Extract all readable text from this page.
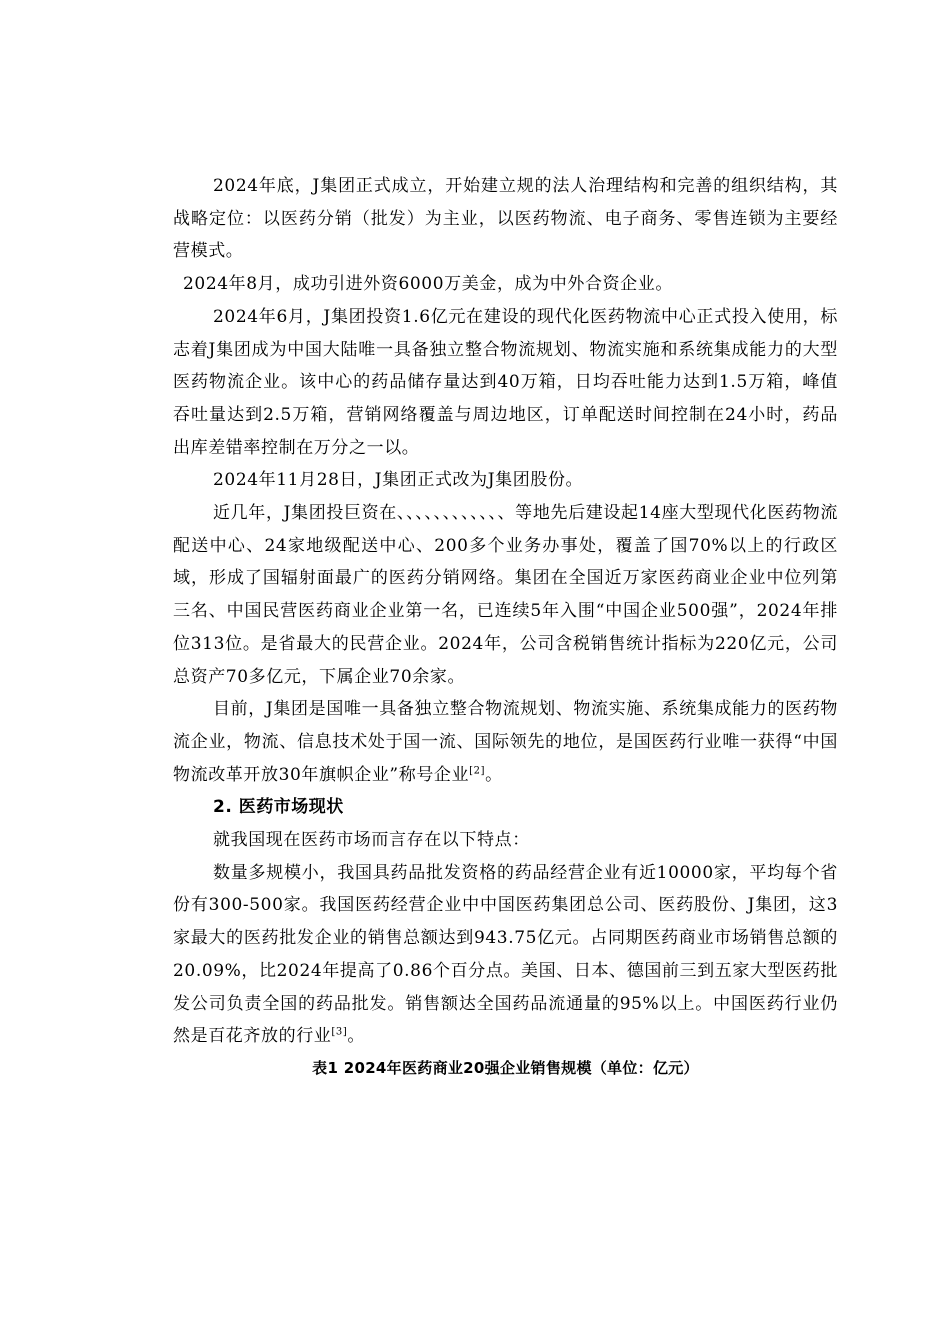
2024年底，J集团正式成立，开始建立规的法人治理结构和完善的组织结构，其战略定位：以医药分销（批发）为主业，以医药物流、电子商务、零售连锁为主要经营模式。

2024年8月，成功引进外资6000万美金，成为中外合资企业。

2024年6月，J集团投资1.6亿元在建设的现代化医药物流中心正式投入使用，标志着J集团成为中国大陆唯一具备独立整合物流规划、物流实施和系统集成能力的大型医药物流企业。该中心的药品储存量达到40万箱，日均吞吐能力达到1.5万箱，峰值吞吐量达到2.5万箱，营销网络覆盖与周边地区，订单配送时间控制在24小时，药品出库差错率控制在万分之一以。

2024年11月28日，J集团正式改为J集团股份。

近几年，J集团投巨资在、、、、、、、、、、、、等地先后建设起14座大型现代化医药物流配送中心、24家地级配送中心、200多个业务办事处，覆盖了国70%以上的行政区域，形成了国辐射面最广的医药分销网络。集团在全国近万家医药商业企业中位列第三名、中国民营医药商业企业第一名，已连续5年入围“中国企业500强”，2024年排位313位。是省最大的民营企业。2024年，公司含税销售统计指标为220亿元，公司总资产70多亿元，下属企业70余家。

目前，J集团是国唯一具备独立整合物流规划、物流实施、系统集成能力的医药物流企业，物流、信息技术处于国一流、国际领先的地位，是国医药行业唯一获得“中国物流改革开放30年旗帜企业”称号企业[2]。

2. 医药市场现状

就我国现在医药市场而言存在以下特点：

数量多规模小，我国具药品批发资格的药品经营企业有近10000家，平均每个省份有300-500家。我国医药经营企业中中国医药集团总公司、医药股份、J集团，这3家最大的医药批发企业的销售总额达到943.75亿元。占同期医药商业市场销售总额的20.09%，比2024年提高了0.86个百分点。美国、日本、德国前三到五家大型医药批发公司负责全国的药品批发。销售额达全国药品流通量的95%以上。中国医药行业仍然是百花齐放的行业[3]。

表1 2024年医药商业20强企业销售规模（单位：亿元）
